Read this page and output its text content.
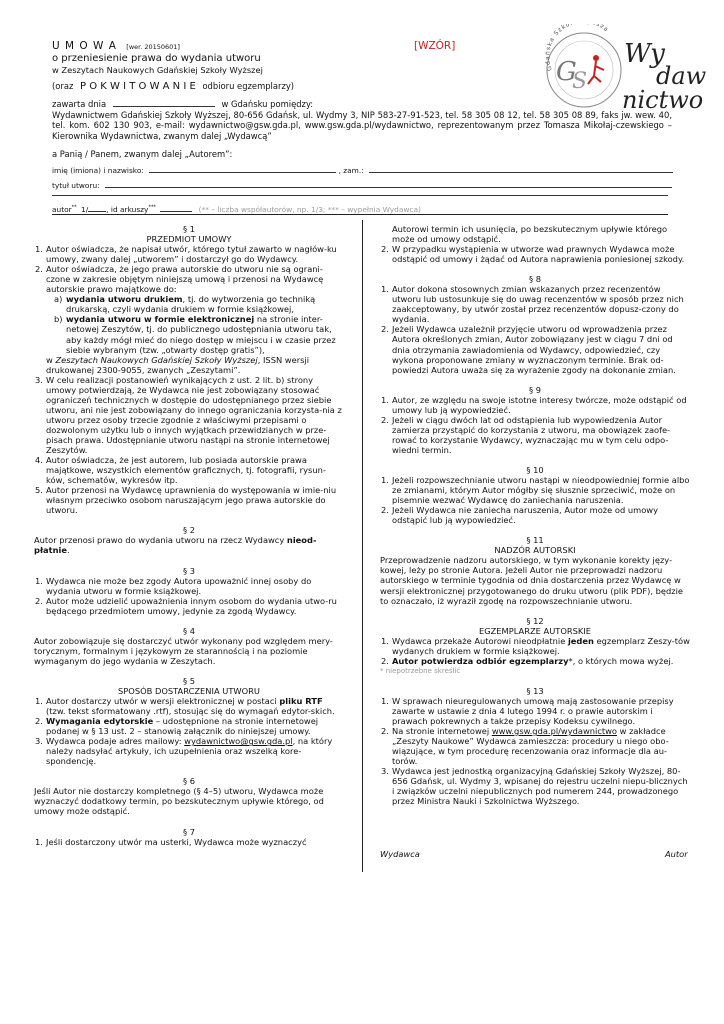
U M O W A [wer. 20150601]	[WZÓR]
o przeniesienie prawa do wydania utworu
w Zeszytach Naukowych Gdańskiej Szkoły Wyższej
(oraz P O K W I T O W A N I E odbioru egzemplarzy)
zawarta dnia	w Gdańsku pomiędzy:
Wydawnictwem Gdańskiej Szkoły Wyższej, 80-656 Gdańsk, ul. Wydmy 3, NIP 583-27-91-523, tel. 58 305 08 12, tel. 58 305 08 89, faks jw. wew. 40, tel. kom. 602 130 903, e-mail: wydawnictwo@gsw.gda.pl, www.gsw.gda.pl/wydawnictwo, reprezentowanym przez Tomasza Mikołaj-czewskiego – Kierownika Wydawnictwa, zwanym dalej „Wydawcą”
a Panią / Panem, zwanym dalej „Autorem”:
imię (imiona) i nazwisko:	, zam.:
tytuł utworu:
autor** 1/ , id arkuszy***	(** – liczba współautorów, np. 1/3; *** – wypełnia Wydawca)
Gdańska Szko sza
G
S
Wy
daw
nictwo

§ 1

PRZEDMIOT UMOWY

1. Autor oświadcza, że napisał utwór, którego tytuł zawarto w nagłów-ku umowy, zwany dalej „utworem” i dostarczył go do Wydawcy.
2. Autor oświadcza, że jego prawa autorskie do utworu nie są ograni-czone w zakresie objętym niniejszą umową i przenosi na Wydawcę autorskie prawo majątkowe do:
a) wydania utworu drukiem, tj. do wytworzenia go techniką drukarską, czyli wydania drukiem w formie książkowej,
b) wydania utworu w formie elektronicznej na stronie inter-netowej Zeszytów, tj. do publicznego udostępniania utworu tak, aby każdy mógł mieć do niego dostęp w miejscu i w czasie przez siebie wybranym (tzw. „otwarty dostęp gratis”),
w Zeszytach Naukowych Gdańskiej Szkoły Wyższej, ISSN wersji drukowanej 2300-9055, zwanych „Zeszytami”.
3. W celu realizacji postanowień wynikających z ust. 2 lit. b) strony umowy potwierdzają, że Wydawca nie jest zobowiązany stosować ograniczeń technicznych w dostępie do udostępnianego przez siebie utworu, ani nie jest zobowiązany do innego ograniczania korzysta-nia z utworu przez osoby trzecie zgodnie z właściwymi przepisami o dozwolonym użytku lub o innych wyjątkach przewidzianych w prze-pisach prawa. Udostępnianie utworu nastąpi na stronie internetowej Zeszytów.
4. Autor oświadcza, że jest autorem, lub posiada autorskie prawa majątkowe, wszystkich elementów graficznych, tj. fotografii, rysun-ków, schematów, wykresów itp.
5. Autor przenosi na Wydawcę uprawnienia do występowania w imie-niu własnym przeciwko osobom naruszającym jego prawa autorskie do utworu.

§ 2

Autor przenosi prawo do wydania utworu na rzecz Wydawcy nieod-płatnie.

§ 3

1. Wydawca nie może bez zgody Autora upoważnić innej osoby do wydania utworu w formie książkowej.
2. Autor może udzielić upoważnienia innym osobom do wydania utwo-ru będącego przedmiotem umowy, jedynie za zgodą Wydawcy.

§ 4

Autor zobowiązuje się dostarczyć utwór wykonany pod względem mery-torycznym, formalnym i językowym ze starannością i na poziomie wymaganym do jego wydania w Zeszytach.

§ 5

SPOSÓB DOSTARCZENIA UTWORU

1. Autor dostarczy utwór w wersji elektronicznej w postaci pliku RTF (tzw. tekst sformatowany .rtf), stosując się do wymagań edytor-skich.
2. Wymagania edytorskie – udostępnione na stronie internetowej podanej w § 13 ust. 2 – stanowią załącznik do niniejszej umowy.
3. Wydawca podaje adres mailowy: wydawnictwo@gsw.gda.pl, na który należy nadsyłać artykuły, ich uzupełnienia oraz wszelką kore-spondencję.

§ 6

Jeśli Autor nie dostarczy kompletnego (§ 4–5) utworu, Wydawca może wyznaczyć dodatkowy termin, po bezskutecznym upływie którego, od umowy może odstąpić.

§ 7

1. Jeśli dostarczony utwór ma usterki, Wydawca może wyznaczyć
Autorowi termin ich usunięcia, po bezskutecznym upływie którego może od umowy odstąpić.
2. W przypadku wystąpienia w utworze wad prawnych Wydawca może odstąpić od umowy i żądać od Autora naprawienia poniesionej szkody.

§ 8

1. Autor dokona stosownych zmian wskazanych przez recenzentów utworu lub ustosunkuje się do uwag recenzentów w sposób przez nich zaakceptowany, by utwór został przez recenzentów dopusz-czony do wydania.
2. Jeżeli Wydawca uzależnił przyjęcie utworu od wprowadzenia przez Autora określonych zmian, Autor zobowiązany jest w ciągu 7 dni od dnia otrzymania zawiadomienia od Wydawcy, odpowiedzieć, czy wykona proponowane zmiany w wyznaczonym terminie. Brak od-powiedzi Autora uważa się za wyrażenie zgody na dokonanie zmian.

§ 9

1. Autor, ze względu na swoje istotne interesy twórcze, może odstąpić od umowy lub ją wypowiedzieć.
2. Jeżeli w ciągu dwóch lat od odstąpienia lub wypowiedzenia Autor zamierza przystąpić do korzystania z utworu, ma obowiązek zaofe-rować to korzystanie Wydawcy, wyznaczając mu w tym celu odpo-wiedni termin.

§ 10

1. Jeżeli rozpowszechnianie utworu nastąpi w nieodpowiedniej formie albo ze zmianami, którym Autor mógłby się słusznie sprzeciwić, może on pisemnie wezwać Wydawcę do zaniechania naruszenia.
2. Jeżeli Wydawca nie zaniecha naruszenia, Autor może od umowy odstąpić lub ją wypowiedzieć.

§ 11

NADZÓR AUTORSKI

Przeprowadzenie nadzoru autorskiego, w tym wykonanie korekty języ-kowej, leży po stronie Autora. Jeżeli Autor nie przeprowadzi nadzoru autorskiego w terminie tygodnia od dnia dostarczenia przez Wydawcę w wersji elektronicznej przygotowanego do druku utworu (plik PDF), będzie to oznaczało, iż wyraził zgodę na rozpowszechnianie utworu.

§ 12

EGZEMPLARZE AUTORSKIE

1. Wydawca przekaże Autorowi nieodpłatnie jeden egzemplarz Zeszy-tów wydanych drukiem w formie książkowej.
2. Autor potwierdza odbiór egzemplarzy*, o których mowa wyżej.

* niepotrzebne skreślić

§ 13

1. W sprawach nieuregulowanych umową mają zastosowanie przepisy zawarte w ustawie z dnia 4 lutego 1994 r. o prawie autorskim i prawach pokrewnych a także przepisy Kodeksu cywilnego.
2. Na stronie internetowej www.gsw.gda.pl/wydawnictwo w zakładce „Zeszyty Naukowe” Wydawca zamieszcza: procedury u niego obo-wiązujące, w tym procedurę recenzowania oraz informacje dla au-torów.
3. Wydawca jest jednostką organizacyjną Gdańskiej Szkoły Wyższej, 80-656 Gdańsk, ul. Wydmy 3, wpisanej do rejestru uczelni niepu-blicznych i związków uczelni niepublicznych pod numerem 244, prowadzonego przez Ministra Nauki i Szkolnictwa Wyższego.
Wydawca	Autor
